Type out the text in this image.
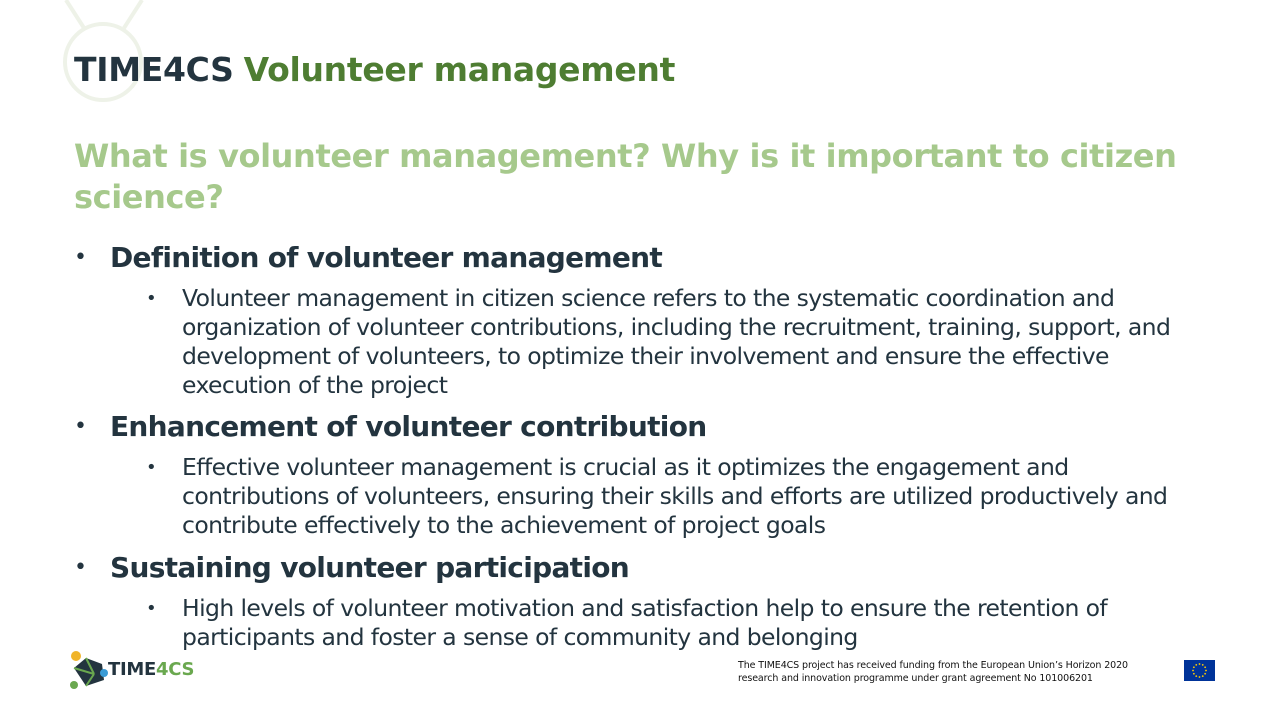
TIME4CS Volunteer management
What is volunteer management? Why is it important to citizen science?
• Definition of volunteer management
• Volunteer management in citizen science refers to the systematic coordination and organization of volunteer contributions, including the recruitment, training, support, and development of volunteers, to optimize their involvement and ensure the effective execution of the project
• Enhancement of volunteer contribution
• Effective volunteer management is crucial as it optimizes the engagement and contributions of volunteers, ensuring their skills and efforts are utilized productively and contribute effectively to the achievement of project goals
• Sustaining volunteer participation
• High levels of volunteer motivation and satisfaction help to ensure the retention of participants and foster a sense of community and belonging
TIME4CS	The TIME4CS project has received funding from the European Union’s Horizon 2020 research and innovation programme under grant agreement No 101006201
